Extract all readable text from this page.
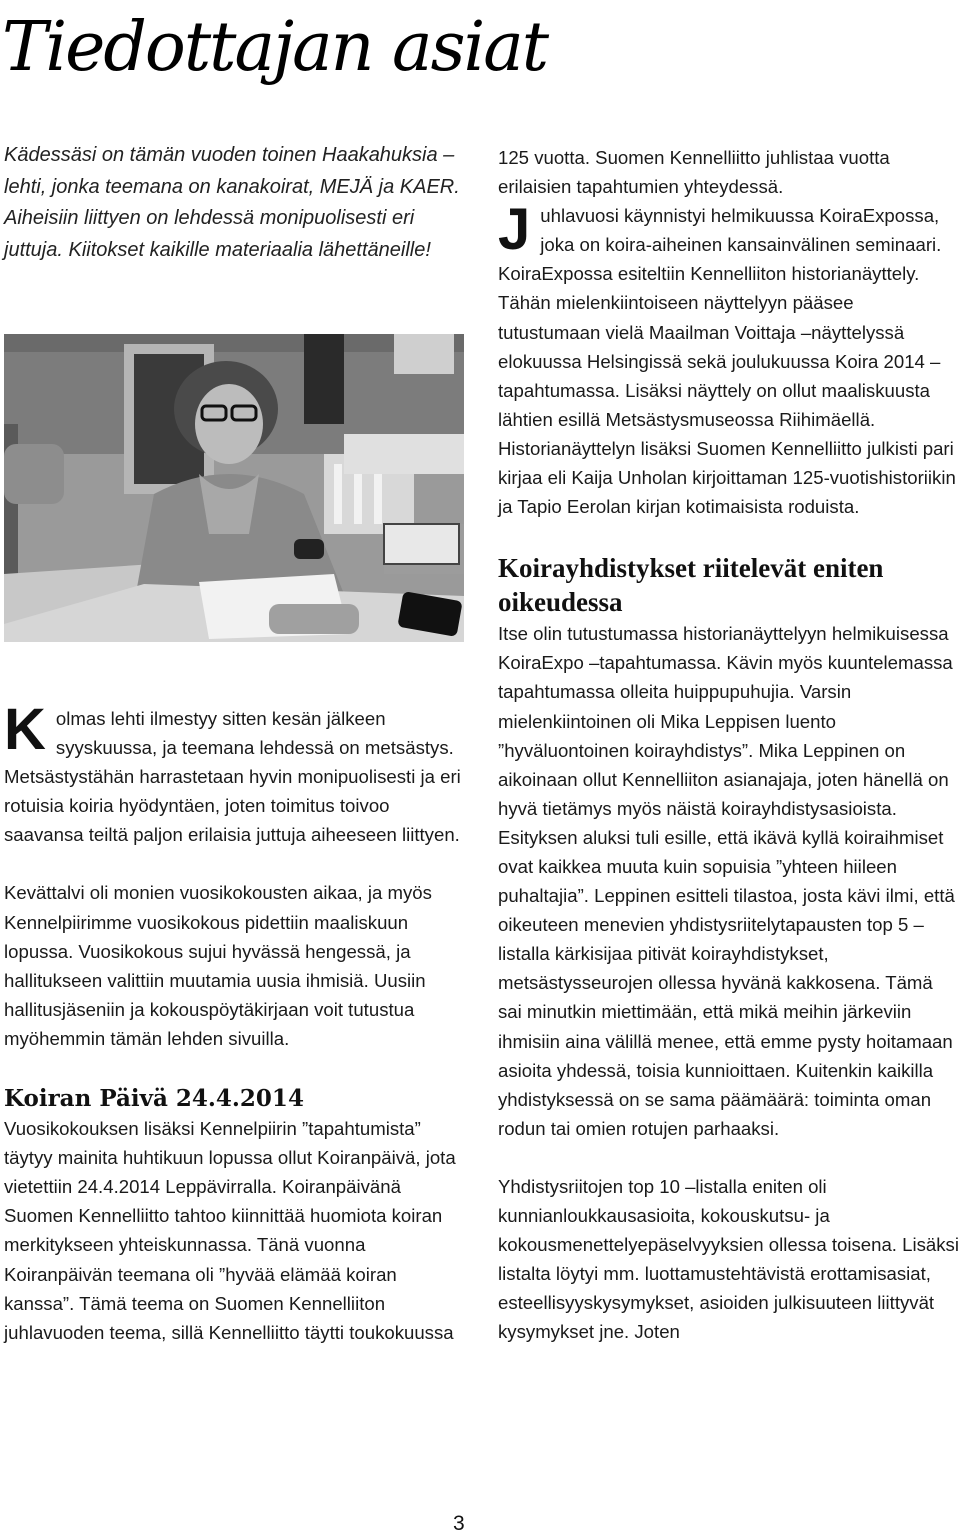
Tiedottajan asiat
Kädessäsi on tämän vuoden toinen Haakahuksia –lehti, jonka teemana on kanakoirat, MEJÄ ja KAER. Aiheisiin liittyen on lehdessä monipuolisesti eri juttuja. Kiitokset kaikille materiaalia lähettäneille!

Kolmas lehti ilmestyy sitten kesän jälkeen syyskuussa, ja teemana lehdessä on metsästys. Metsästystähän harrastetaan hyvin monipuolisesti ja eri rotuisia koiria hyödyntäen, joten toimitus toivoo saavansa teiltä paljon erilaisia juttuja aiheeseen liittyen.

Kevättalvi oli monien vuosikokousten aikaa, ja myös Kennelpiirimme vuosikokous pidettiin maaliskuun lopussa. Vuosikokous sujui hyvässä hengessä, ja hallitukseen valittiin muutamia uusia ihmisiä. Uusiin hallitusjäseniin ja kokouspöytäkirjaan voit tutustua myöhemmin tämän lehden sivuilla.

Koiran Päivä 24.4.2014

Vuosikokouksen lisäksi Kennelpiirin ”tapahtumista” täytyy mainita huhtikuun lopussa ollut Koiranpäivä, jota vietettiin 24.4.2014 Leppävirralla. Koiranpäivänä Suomen Kennelliitto tahtoo kiinnittää huomiota koiran merkitykseen yhteiskunnassa. Tänä vuonna Koiranpäivän teemana oli ”hyvää elämää koiran kanssa”. Tämä teema on Suomen Kennelliiton juhlavuoden teema, sillä Kennelliitto täytti toukokuussa

125 vuotta. Suomen Kennelliitto juhlistaa vuotta erilaisien tapahtumien yhteydessä.

Juhlavuosi käynnistyi helmikuussa KoiraExpossa, joka on koira-aiheinen kansainvälinen seminaari. KoiraExpossa esiteltiin Kennelliiton historianäyttely. Tähän mielenkiintoiseen näyttelyyn pääsee tutustumaan vielä Maailman Voittaja –näyttelyssä elokuussa Helsingissä sekä joulukuussa Koira 2014 –tapahtumassa. Lisäksi näyttely on ollut maaliskuusta lähtien esillä Metsästysmuseossa Riihimäellä. Historianäyttelyn lisäksi Suomen Kennelliitto julkisti pari kirjaa eli Kaija Unholan kirjoittaman 125-vuotishistoriikin ja Tapio Eerolan kirjan kotimaisista roduista.

Koirayhdistykset riitelevät eniten oikeudessa

Itse olin tutustumassa historianäyttelyyn helmikuisessa KoiraExpo –tapahtumassa. Kävin myös kuuntelemassa tapahtumassa olleita huippupuhujia. Varsin mielenkiintoinen oli Mika Leppisen luento ”hyväluontoinen koirayhdistys”. Mika Leppinen on aikoinaan ollut Kennelliiton asianajaja, joten hänellä on hyvä tietämys myös näistä koirayhdistysasioista. Esityksen aluksi tuli esille, että ikävä kyllä koiraihmiset ovat kaikkea muuta kuin sopuisia ”yhteen hiileen puhaltajia”. Leppinen esitteli tilastoa, josta kävi ilmi, että oikeuteen menevien yhdistysriitelytapausten top 5 –listalla kärkisijaa pitivät koirayhdistykset, metsästysseurojen ollessa hyvänä kakkosena. Tämä sai minutkin miettimään, että mikä meihin järkeviin ihmisiin aina välillä menee, että emme pysty hoitamaan asioita yhdessä, toisia kunnioittaen. Kuitenkin kaikilla yhdistyksessä on se sama päämäärä: toiminta oman rodun tai omien rotujen parhaaksi.

Yhdistysriitojen top 10 –listalla eniten oli kunnianloukkausasioita, kokouskutsu- ja kokousmenettelyepäselvyyksien ollessa toisena. Lisäksi listalta löytyi mm. luottamustehtävistä erottamisasiat, esteellisyyskysymykset, asioiden julkisuuteen liittyvät kysymykset jne. Joten

3
